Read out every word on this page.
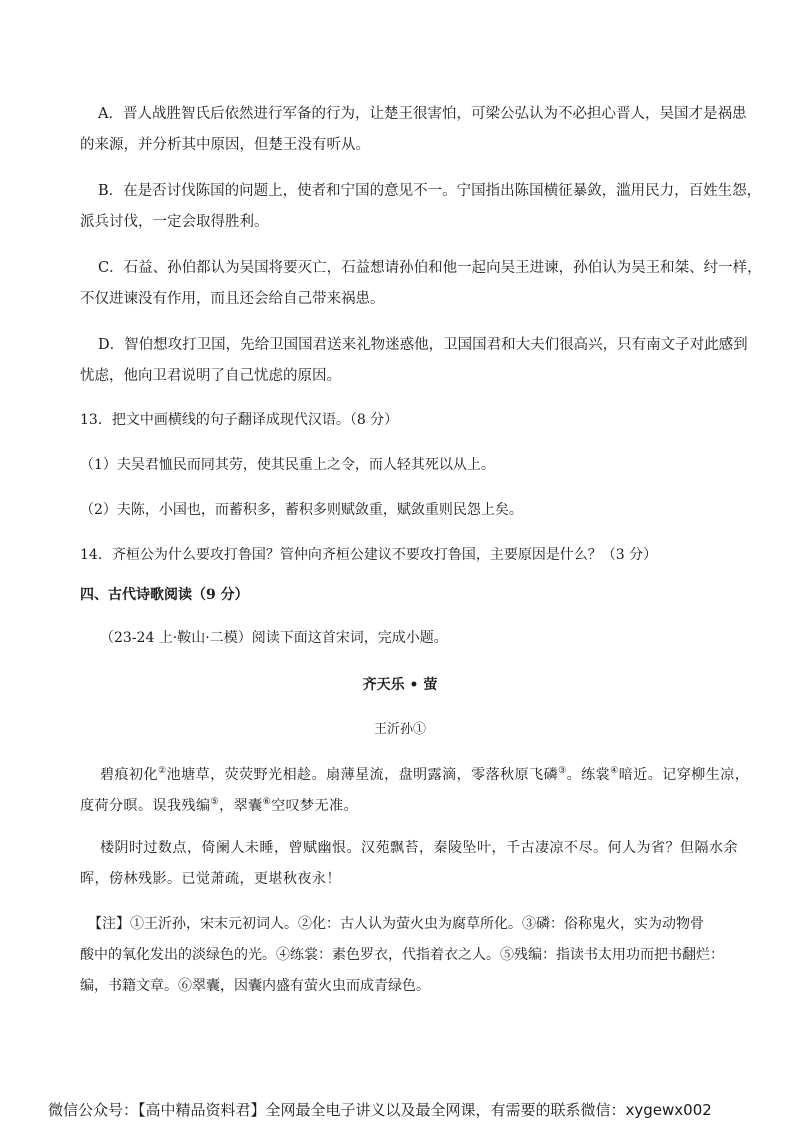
A．晋人战胜智氏后依然进行军备的行为，让楚王很害怕，可梁公弘认为不必担心晋人，吴国才是祸患
的来源，并分析其中原因，但楚王没有听从。
B．在是否讨伐陈国的问题上，使者和宁国的意见不一。宁国指出陈国横征暴敛，滥用民力，百姓生怨，
派兵讨伐，一定会取得胜利。
C．石益、孙伯都认为吴国将要灭亡，石益想请孙伯和他一起向吴王进谏，孙伯认为吴王和桀、纣一样，
不仅进谏没有作用，而且还会给自己带来祸患。
D．智伯想攻打卫国，先给卫国国君送来礼物迷惑他，卫国国君和大夫们很高兴，只有南文子对此感到
忧虑，他向卫君说明了自己忧虑的原因。
13．把文中画横线的句子翻译成现代汉语。（8 分）
（1）夫吴君恤民而同其劳，使其民重上之令，而人轻其死以从上。
（2）夫陈，小国也，而蓄积多，蓄积多则赋敛重，赋敛重则民怨上矣。
14．齐桓公为什么要攻打鲁国？管仲向齐桓公建议不要攻打鲁国，主要原因是什么？（3 分）
四、古代诗歌阅读（9 分）
（23-24 上·鞍山·二模）阅读下面这首宋词，完成小题。
齐天乐 • 萤
王沂孙①
碧痕初化②池塘草，荧荧野光相趁。扇薄星流，盘明露滴，零落秋原飞磷③。练裳④暗近。记穿柳生凉，
度荷分暝。误我残编⑤，翠囊⑥空叹梦无准。
楼阴时过数点，倚阑人未睡，曾赋幽恨。汉苑飘苔，秦陵坠叶，千古凄凉不尽。何人为省？但隔水余
晖，傍林残影。已觉萧疏，更堪秋夜永！
【注】①王沂孙，宋末元初词人。②化：古人认为萤火虫为腐草所化。③磷：俗称鬼火，实为动物骨
酸中的氧化发出的淡绿色的光。④练裳：素色罗衣，代指着衣之人。⑤残编：指读书太用功而把书翻烂：
编，书籍文章。⑥翠囊，因囊内盛有萤火虫而成青绿色。
微信公众号：【高中精品资料君】全网最全电子讲义以及最全网课，有需要的联系微信：xygewx002
